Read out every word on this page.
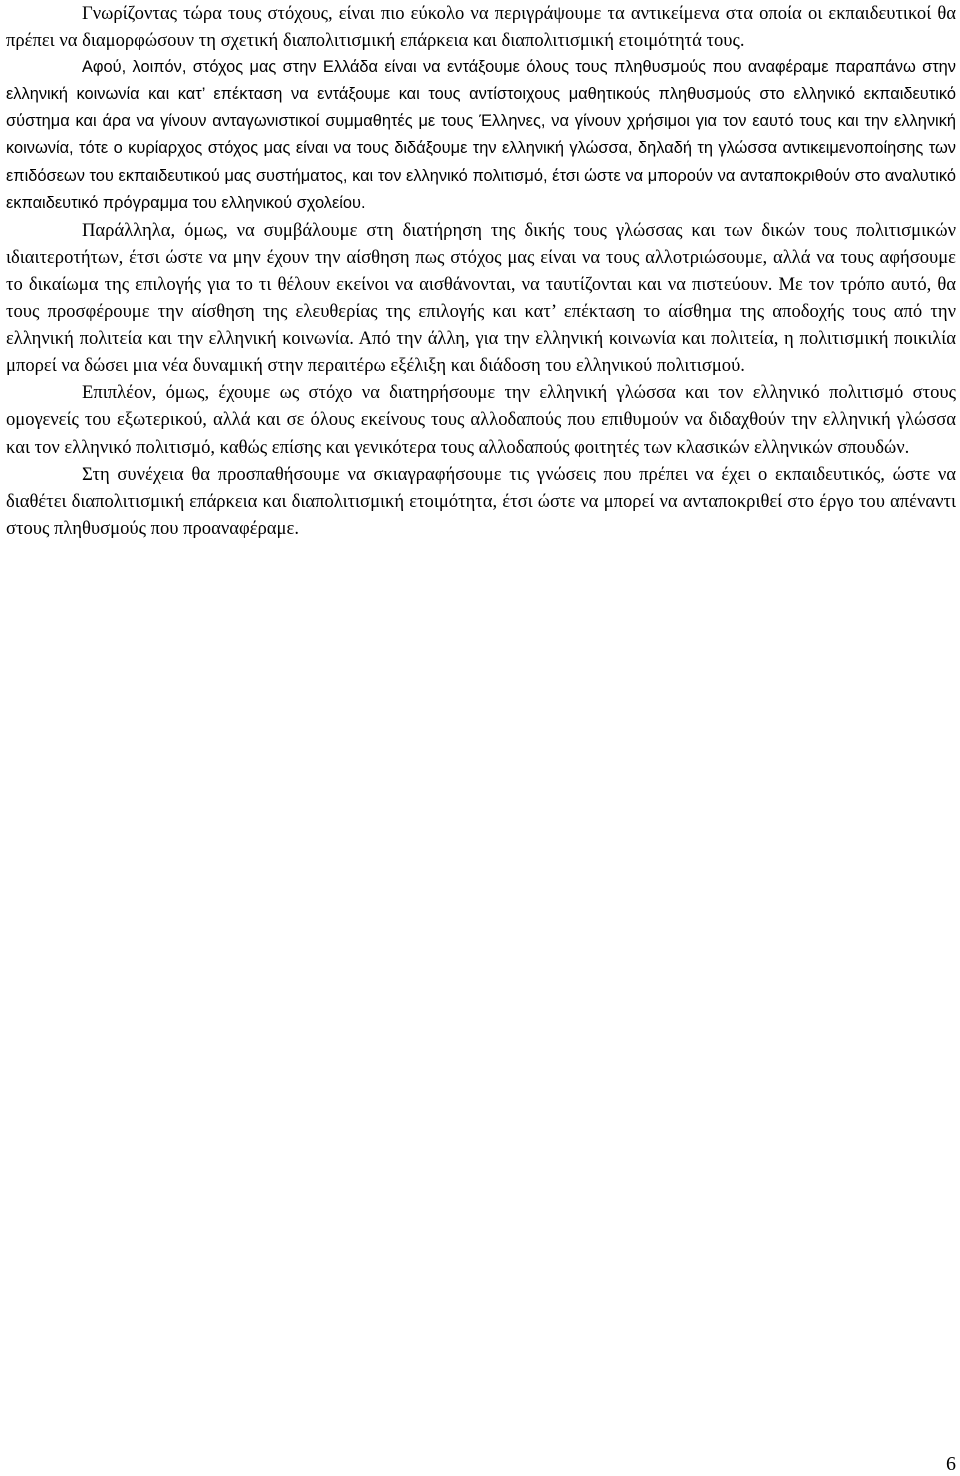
Γνωρίζοντας τώρα τους στόχους, είναι πιο εύκολο να περιγράψουμε τα αντικείμενα στα οποία οι εκπαιδευτικοί θα πρέπει να διαμορφώσουν τη σχετική διαπολιτισμική επάρκεια και διαπολιτισμική ετοιμότητά τους.

Αφού, λοιπόν, στόχος μας στην Ελλάδα είναι να εντάξουμε όλους τους πληθυσμούς που αναφέραμε παραπάνω στην ελληνική κοινωνία και κατ’ επέκταση να εντάξουμε και τους αντίστοιχους μαθητικούς πληθυσμούς στο ελληνικό εκπαιδευτικό σύστημα και άρα να γίνουν ανταγωνιστικοί συμμαθητές με τους Έλληνες, να γίνουν χρήσιμοι για τον εαυτό τους και την ελληνική κοινωνία, τότε ο κυρίαρχος στόχος μας είναι να τους διδάξουμε την ελληνική γλώσσα, δηλαδή τη γλώσσα αντικειμενοποίησης των επιδόσεων του εκπαιδευτικού μας συστήματος, και τον ελληνικό πολιτισμό, έτσι ώστε να μπορούν να ανταποκριθούν στο αναλυτικό εκπαιδευτικό πρόγραμμα του ελληνικού σχολείου.

Παράλληλα, όμως, να συμβάλουμε στη διατήρηση της δικής τους γλώσσας και των δικών τους πολιτισμικών ιδιαιτεροτήτων, έτσι ώστε να μην έχουν την αίσθηση πως στόχος μας είναι να τους αλλοτριώσουμε, αλλά να τους αφήσουμε το δικαίωμα της επιλογής για το τι θέλουν εκείνοι να αισθάνονται, να ταυτίζονται και να πιστεύουν. Με τον τρόπο αυτό, θα τους προσφέρουμε την αίσθηση της ελευθερίας της επιλογής και κατ’ επέκταση το αίσθημα της αποδοχής τους από την ελληνική πολιτεία και την ελληνική κοινωνία. Από την άλλη, για την ελληνική κοινωνία και πολιτεία, η πολιτισμική ποικιλία μπορεί να δώσει μια νέα δυναμική στην περαιτέρω εξέλιξη και διάδοση του ελληνικού πολιτισμού.

Επιπλέον, όμως, έχουμε ως στόχο να διατηρήσουμε την ελληνική γλώσσα και τον ελληνικό πολιτισμό στους ομογενείς του εξωτερικού, αλλά και σε όλους εκείνους τους αλλοδαπούς που επιθυμούν να διδαχθούν την ελληνική γλώσσα και τον ελληνικό πολιτισμό, καθώς επίσης και γενικότερα τους αλλοδαπούς φοιτητές των κλασικών ελληνικών σπουδών.

Στη συνέχεια θα προσπαθήσουμε να σκιαγραφήσουμε τις γνώσεις που πρέπει να έχει ο εκπαιδευτικός, ώστε να διαθέτει διαπολιτισμική επάρκεια και διαπολιτισμική ετοιμότητα, έτσι ώστε να μπορεί να ανταποκριθεί στο έργο του απέναντι στους πληθυσμούς που προαναφέραμε.

6
